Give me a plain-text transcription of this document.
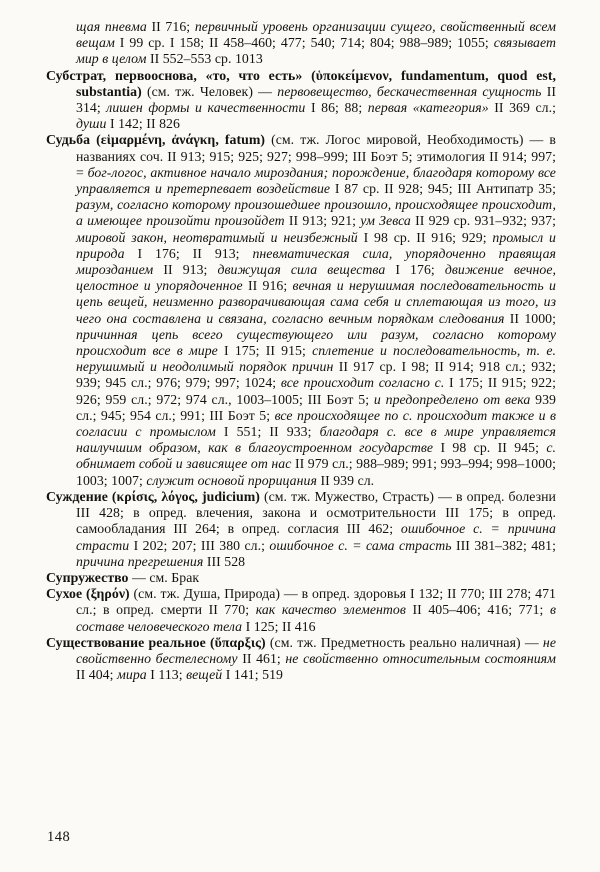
щая пневма II 716; первичный уровень организации сущего, свойственный всем вещам I 99 ср. I 158; II 458–460; 477; 540; 714; 804; 988–989; 1055; связывает мир в целом II 552–553 ср. 1013

Субстрат, первооснова, «то, что есть» (ὑποκείμενον, fundamentum, quod est, substantia) (см. тж. Человек) — первовещество, бескачественная сущность II 314; лишен формы и качественности I 86; 88; первая «категория» II 369 сл.; души I 142; II 826

Судьба (εἱμαρμένη, ἀνάγκη, fatum) (см. тж. Логос мировой, Необходимость) — в названиях соч. II 913; 915; 925; 927; 998–999; III Боэт 5; этимология II 914; 997; = бог-логос, активное начало мироздания; порождение, благодаря которому все управляется и претерпевает воздействие I 87 ср. II 928; 945; III Антипатр 35; разум, согласно которому произошедшее произошло, происходящее происходит, а имеющее произойти произойдет II 913; 921; ум Зевса II 929 ср. 931–932; 937; мировой закон, неотвратимый и неизбежный I 98 ср. II 916; 929; промысл и природа I 176; II 913; пневматическая сила, упорядоченно правящая мирозданием II 913; движущая сила вещества I 176; движение вечное, целостное и упорядоченное II 916; вечная и нерушимая последовательность и цепь вещей, неизменно разворачивающая сама себя и сплетающая из того, из чего она составлена и связана, согласно вечным порядкам следования II 1000; причинная цепь всего существующего или разум, согласно которому происходит все в мире I 175; II 915; сплетение и последовательность, т. е. нерушимый и неодолимый порядок причин II 917 ср. I 98; II 914; 918 сл.; 932; 939; 945 сл.; 976; 979; 997; 1024; все происходит согласно с. I 175; II 915; 922; 926; 959 сл.; 972; 974 сл., 1003–1005; III Боэт 5; и предопределено от века 939 сл.; 945; 954 сл.; 991; III Боэт 5; все происходящее по с. происходит также и в согласии с промыслом I 551; II 933; благодаря с. все в мире управляется наилучшим образом, как в благоустроенном государстве I 98 ср. II 945; с. обнимает собой и зависящее от нас II 979 сл.; 988–989; 991; 993–994; 998–1000; 1003; 1007; служит основой прорицания II 939 сл.

Суждение (κρίσις, λόγος, judicium) (см. тж. Мужество, Страсть) — в опред. болезни III 428; в опред. влечения, закона и осмотрительности III 175; в опред. самообладания III 264; в опред. согласия III 462; ошибочное с. = причина страсти I 202; 207; III 380 сл.; ошибочное с. = сама страсть III 381–382; 481; причина прегрешения III 528

Супружество — см. Брак

Сухое (ξηρόν) (см. тж. Душа, Природа) — в опред. здоровья I 132; II 770; III 278; 471 сл.; в опред. смерти II 770; как качество элементов II 405–406; 416; 771; в составе человеческого тела I 125; II 416

Существование реальное (ὕπαρξις) (см. тж. Предметность реально наличная) — не свойственно бестелесному II 461; не свойственно относительным состояниям II 404; мира I 113; вещей I 141; 519

148
